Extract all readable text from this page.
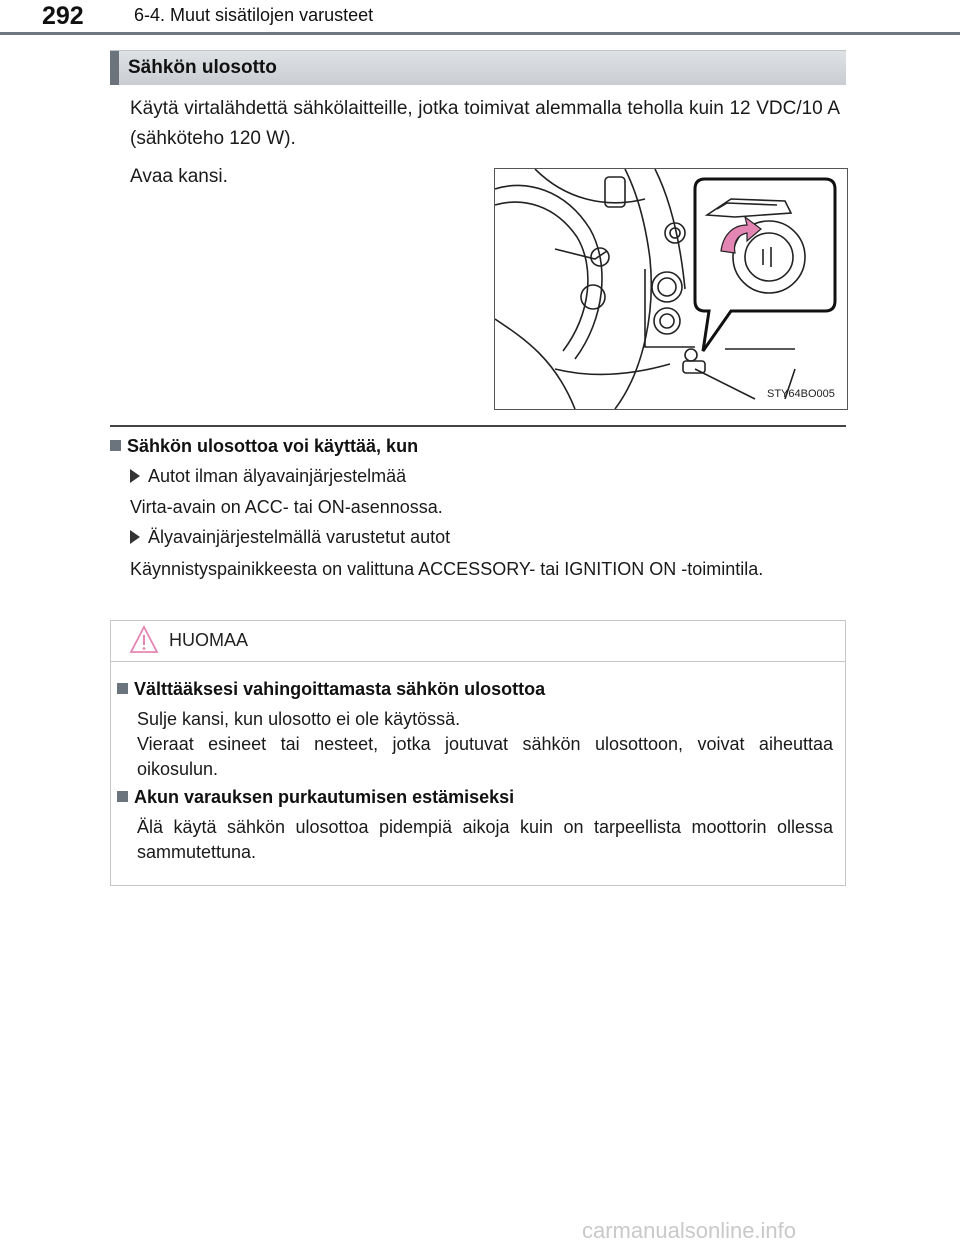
292	6-4. Muut sisätilojen varusteet
Sähkön ulosotto
Käytä virtalähdettä sähkölaitteille, jotka toimivat alemmalla teholla kuin 12 VDC/10 A (sähköteho 120 W).
Avaa kansi.
STY64BO005
Sähkön ulosottoa voi käyttää, kun
Autot ilman älyavainjärjestelmää
Virta-avain on ACC- tai ON-asennossa.
Älyavainjärjestelmällä varustetut autot
Käynnistyspainikkeesta on valittuna ACCESSORY- tai IGNITION ON -toimintila.
HUOMAA
Välttääksesi vahingoittamasta sähkön ulosottoa
Sulje kansi, kun ulosotto ei ole käytössä.
Vieraat esineet tai nesteet, jotka joutuvat sähkön ulosottoon, voivat aiheuttaa oikosulun.
Akun varauksen purkautumisen estämiseksi
Älä käytä sähkön ulosottoa pidempiä aikoja kuin on tarpeellista moottorin ollessa sammutettuna.
carmanualsonline.info
